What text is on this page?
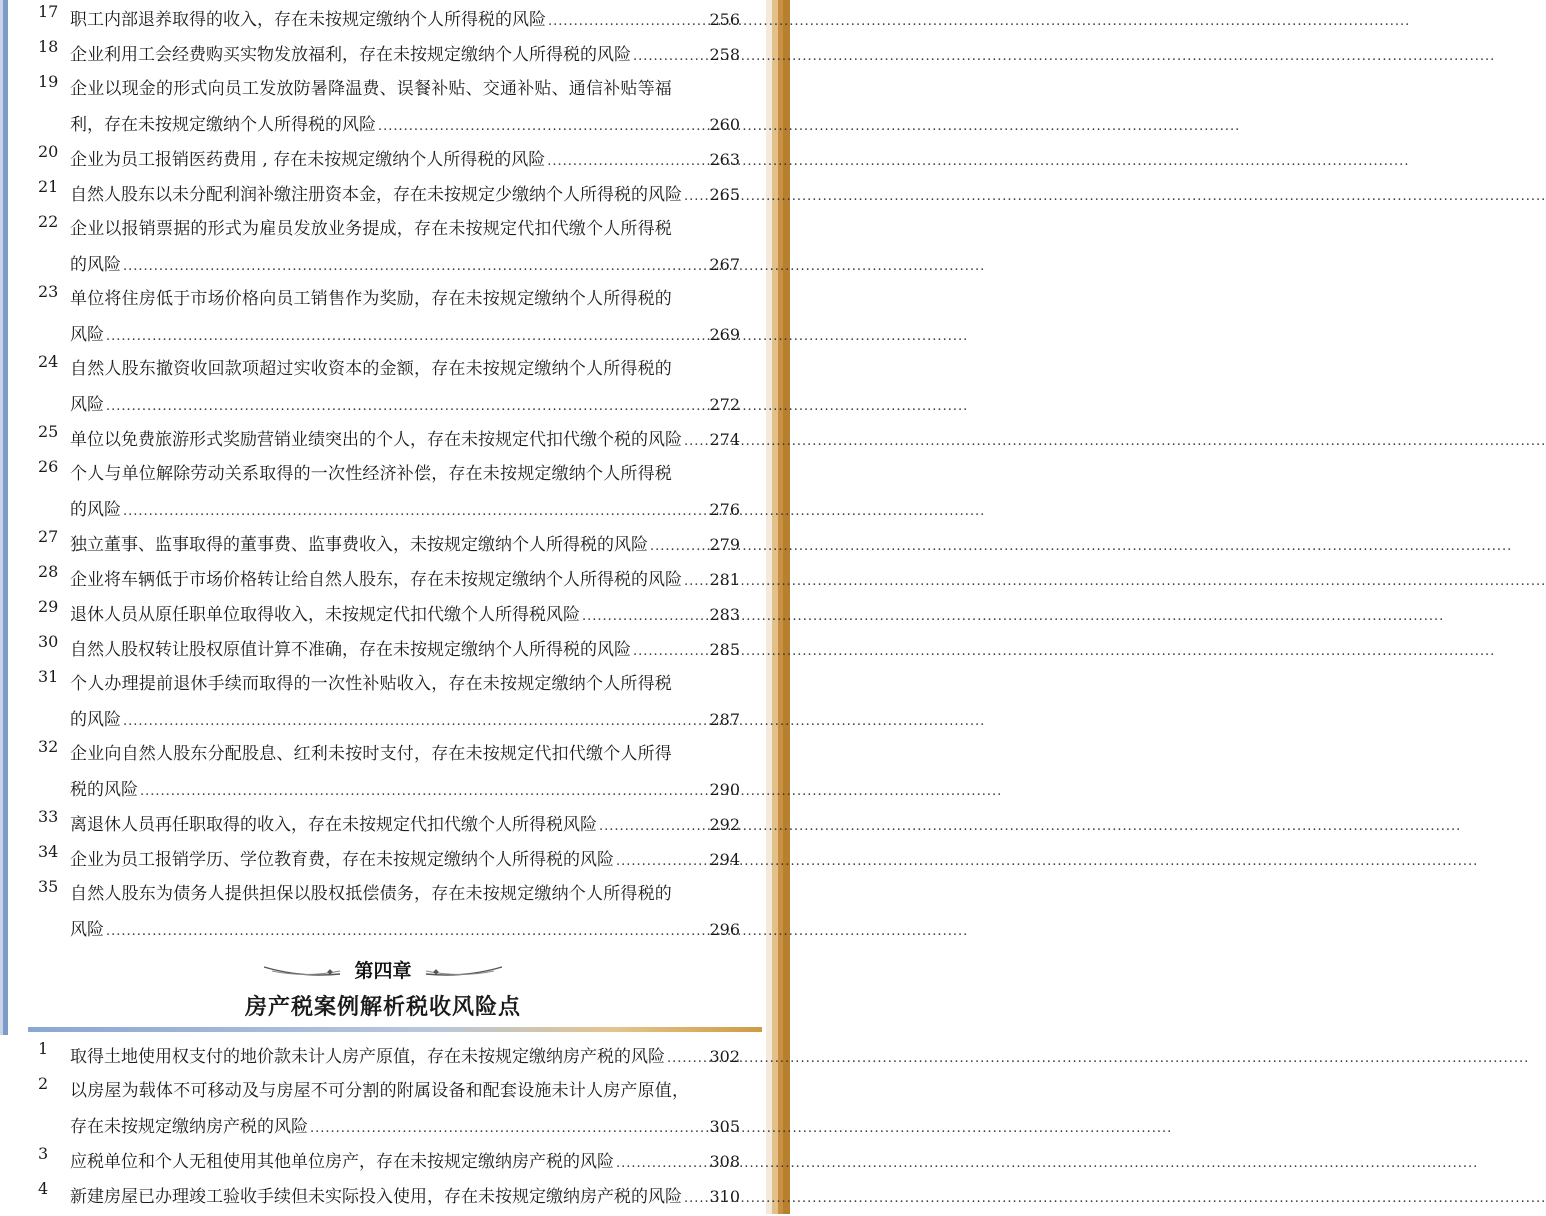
17 职工内部退养取得的收入，存在未按规定缴纳个人所得税的风险 .....	256
18 企业利用工会经费购买实物发放福利，存在未按规定缴纳个人所得税的风险 .....	258
19 企业以现金的形式向员工发放防暑降温费、误餐补贴、交通补贴、通信补贴等福
利，存在未按规定缴纳个人所得税的风险 .....	260
20 企业为员工报销医药费用 , 存在未按规定缴纳个人所得税的风险 .....	263
21 自然人股东以未分配利润补缴注册资本金，存在未按规定少缴纳个人所得税的风险 ..... 265
22 企业以报销票据的形式为雇员发放业务提成，存在未按规定代扣代缴个人所得税
的风险 .....	267
23 单位将住房低于市场价格向员工销售作为奖励，存在未按规定缴纳个人所得税的
风险 .....	269
24 自然人股东撤资收回款项超过实收资本的金额，存在未按规定缴纳个人所得税的
风险 .....	272
25 单位以免费旅游形式奖励营销业绩突出的个人，存在未按规定代扣代缴个税的风险 ..... 274
26 个人与单位解除劳动关系取得的一次性经济补偿，存在未按规定缴纳个人所得税
的风险 .....	276
27 独立董事、监事取得的董事费、监事费收入，未按规定缴纳个人所得税的风险 .....	279
28 企业将车辆低于市场价格转让给自然人股东，存在未按规定缴纳个人所得税的风险 ..... 281
29 退休人员从原任职单位取得收入，未按规定代扣代缴个人所得税风险 .....	283
30 自然人股权转让股权原值计算不准确，存在未按规定缴纳个人所得税的风险 .....	285
31 个人办理提前退休手续而取得的一次性补贴收入，存在未按规定缴纳个人所得税
的风险 .....	287
32 企业向自然人股东分配股息、红利未按时支付，存在未按规定代扣代缴个人所得
税的风险 .....	290
33 离退休人员再任职取得的收入，存在未按规定代扣代缴个人所得税风险 .....	292
34 企业为员工报销学历、学位教育费，存在未按规定缴纳个人所得税的风险 .....	294
35 自然人股东为债务人提供担保以股权抵偿债务，存在未按规定缴纳个人所得税的
风险 .....	296
第四章
房产税案例解析税收风险点
1	取得土地使用权支付的地价款未计人房产原值，存在未按规定缴纳房产税的风险 .....	302
2	以房屋为载体不可移动及与房屋不可分割的附属设备和配套设施未计人房产原值，
存在未按规定缴纳房产税的风险 .....	305
3	应税单位和个人无租使用其他单位房产，存在未按规定缴纳房产税的风险 .....	308
4	新建房屋已办理竣工验收手续但未实际投入使用，存在未按规定缴纳房产税的风险 ..... 310
